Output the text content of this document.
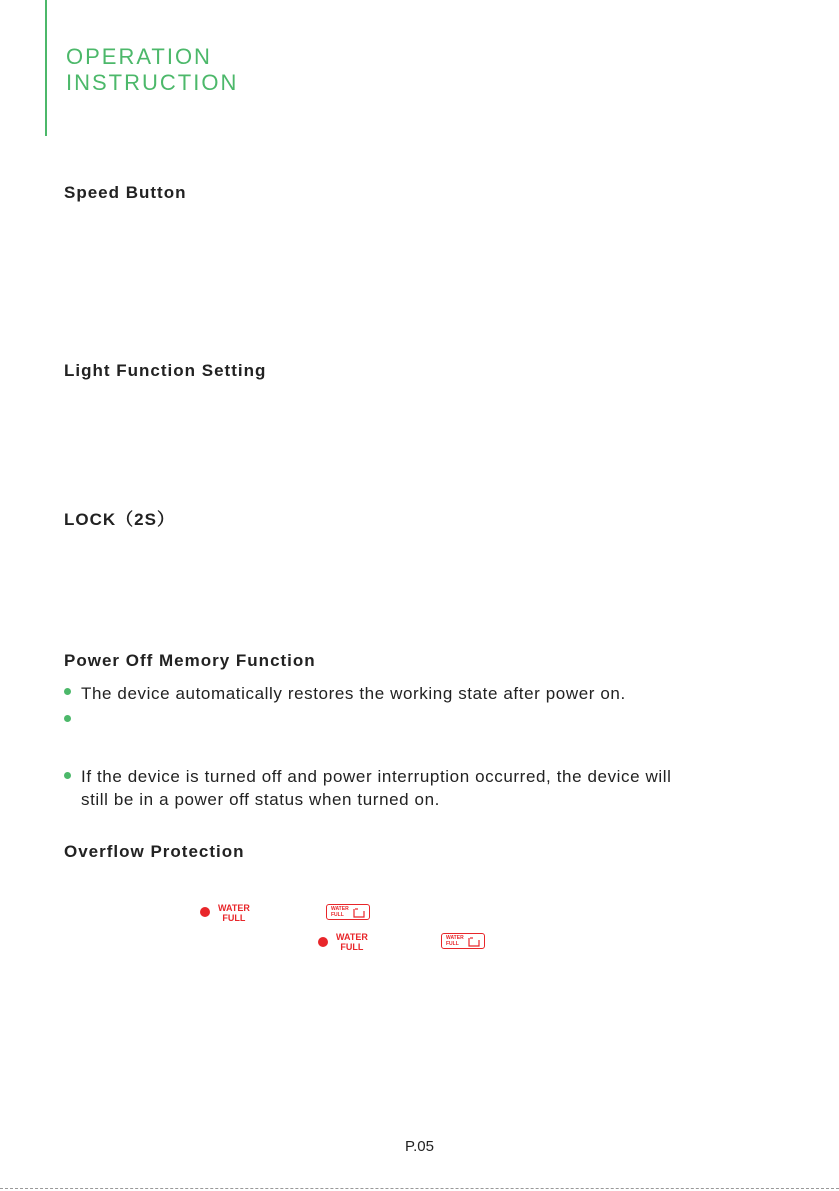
OPERATION
INSTRUCTION
Speed Button
Light Function Setting
LOCK（2S）
Power Off Memory Function
The device automatically restores the working state after power on.
If the device is turned off and power interruption occurred, the device will
still be in a power off status when turned on.
Overflow Protection
WATER
FULL
WATER
FULL
WATER
FULL
WATER
FULL
P.05
